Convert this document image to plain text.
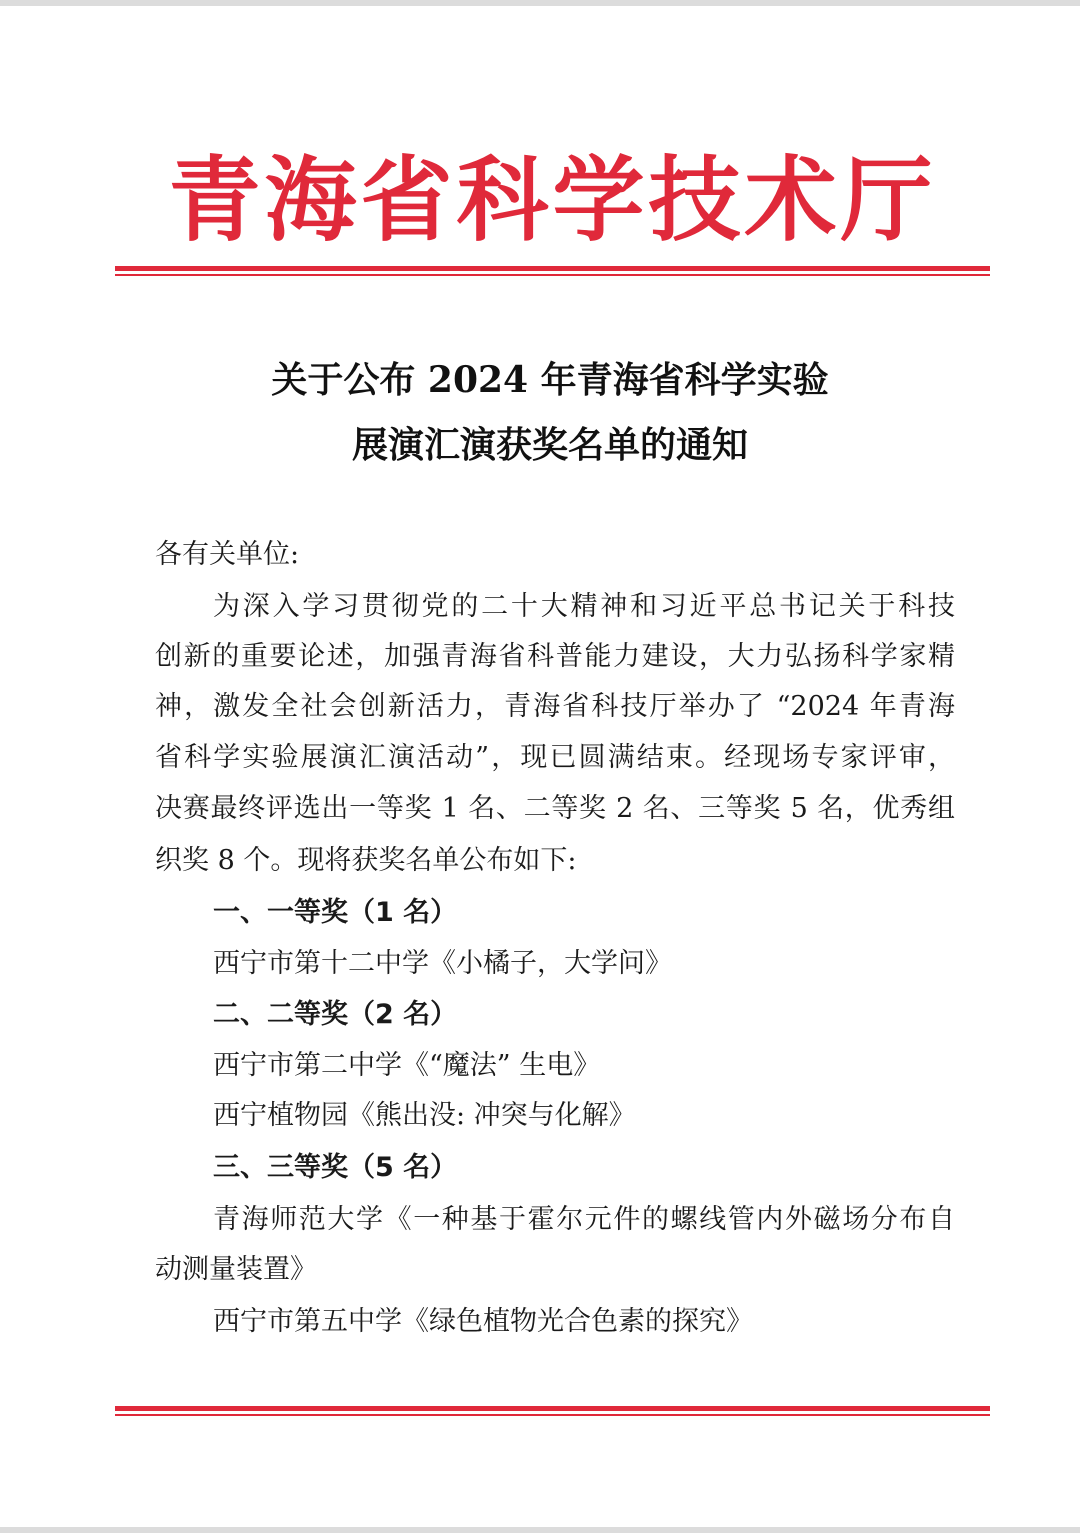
青海省科学技术厅
关于公布 2024 年青海省科学实验
展演汇演获奖名单的通知
各有关单位:
为深入学习贯彻党的二十大精神和习近平总书记关于科技
创新的重要论述，加强青海省科普能力建设，大力弘扬科学家精
神，激发全社会创新活力，青海省科技厅举办了 “2024 年青海
省科学实验展演汇演活动”，现已圆满结束。经现场专家评审，
决赛最终评选出一等奖 1 名、二等奖 2 名、三等奖 5 名，优秀组
织奖 8 个。现将获奖名单公布如下:
一、一等奖（1 名）
西宁市第十二中学《小橘子，大学问》
二、二等奖（2 名）
西宁市第二中学《“魔法” 生电》
西宁植物园《熊出没: 冲突与化解》
三、三等奖（5 名）
青海师范大学《一种基于霍尔元件的螺线管内外磁场分布自
动测量装置》
西宁市第五中学《绿色植物光合色素的探究》
